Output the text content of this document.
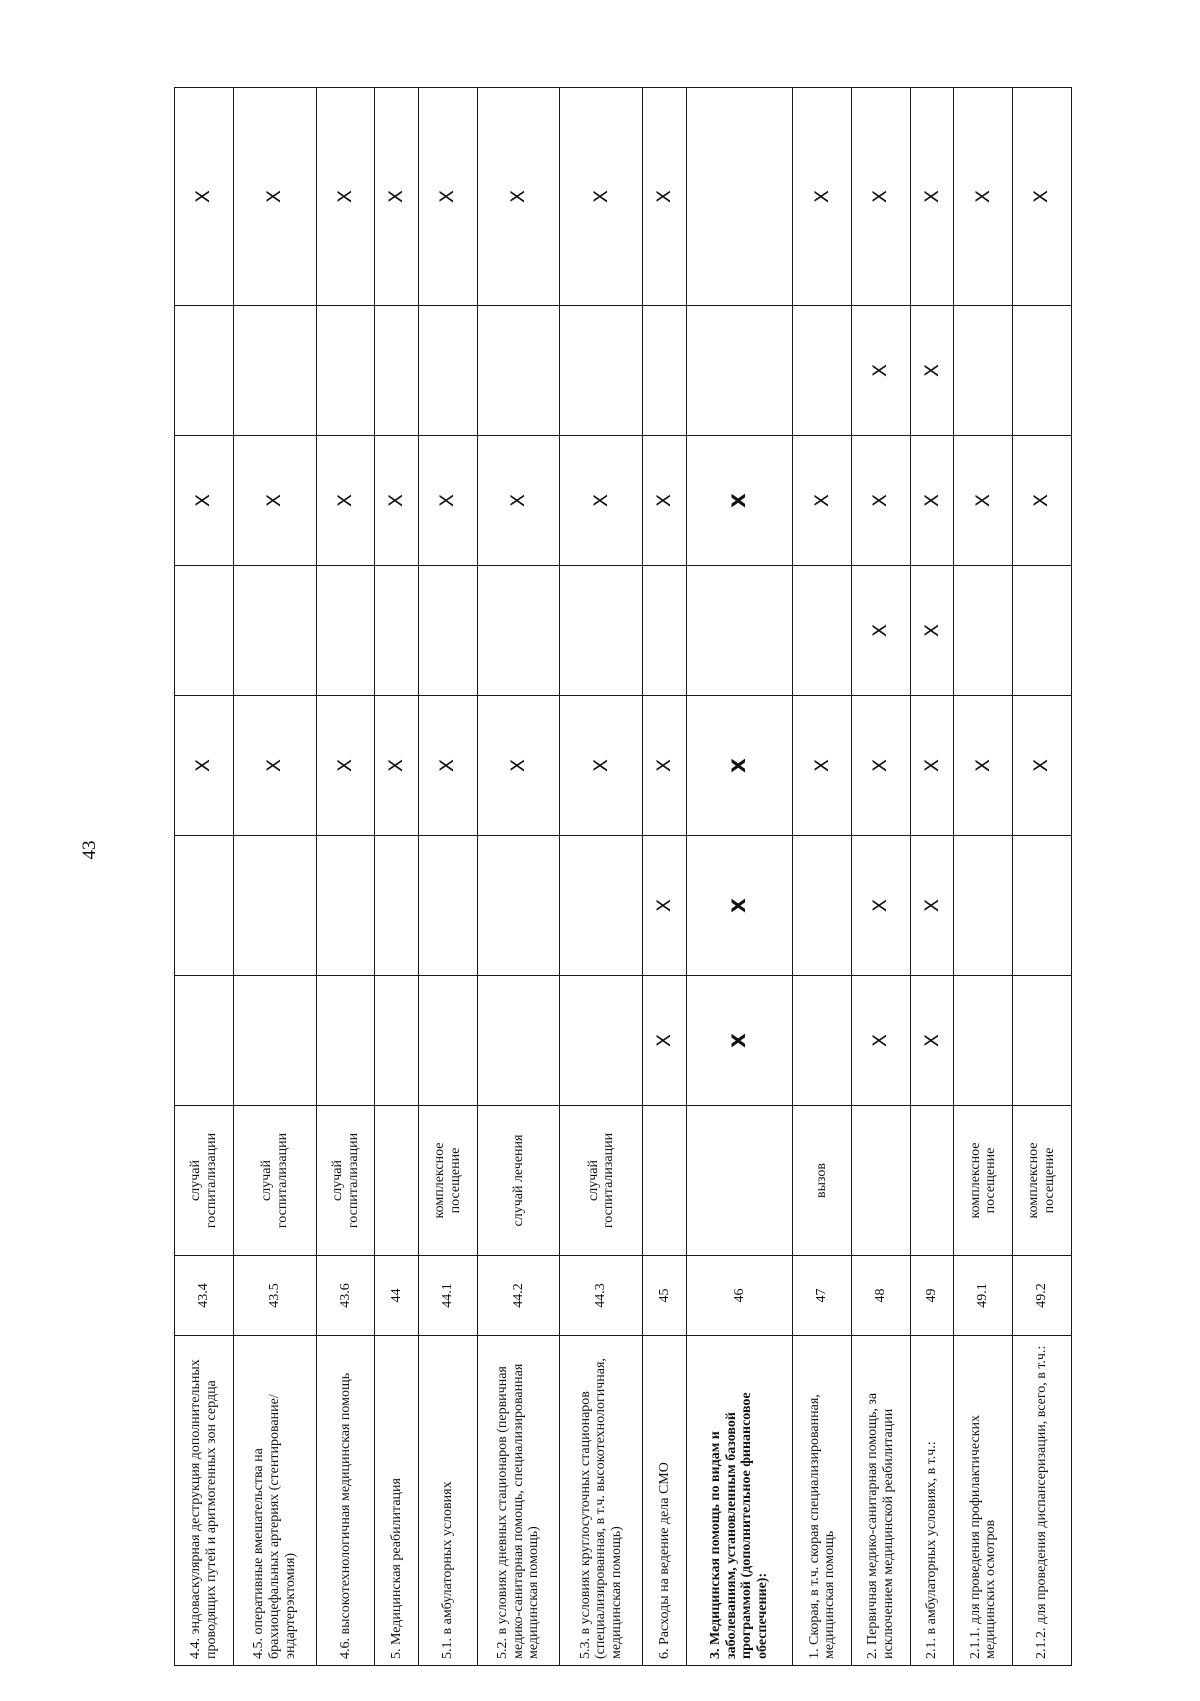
43
4.4. эндоваскулярная деструкция дополнительных проводящих путей и аритмогенных зон сердца	43.4	случай госпитализации			X		X		X
4.5. оперативные вмешательства на брахиоцефальных артериях (стентирование/эндартерэктомия)	43.5	случай госпитализации			X		X		X
4.6. высокотехнологичная медицинская помощь	43.6	случай госпитализации			X		X		X
5. Медицинская реабилитация	44				X		X		X
5.1. в амбулаторных условиях	44.1	комплексное посещение			X		X		X
5.2. в условиях дневных стационаров (первичная медико-санитарная помощь, специализированная медицинская помощь)	44.2	случай лечения			X		X		X
5.3. в условиях круглосуточных стационаров (специализированная, в т.ч. высокотехнологичная, медицинская помощь)	44.3	случай госпитализации			X		X		X
6. Расходы на ведение дела СМО	45		X	X	X		X		X
3. Медицинская помощь по видам и заболеваниям, установленным базовой программой (дополнительное финансовое обеспечение):	46		X	X	X		X		
1. Скорая, в т.ч. скорая специализированная, медицинская помощь	47	вызов			X		X		X
2. Первичная медико-санитарная помощь, за исключением медицинской реабилитации	48		X	X	X	X	X	X	X
2.1. в амбулаторных условиях, в т.ч.:	49		X	X	X	X	X	X	X
2.1.1. для проведения профилактических медицинских осмотров	49.1	комплексное посещение			X		X		X
2.1.2. для проведения диспансеризации, всего, в т.ч.:	49.2	комплексное посещение			X		X		X
